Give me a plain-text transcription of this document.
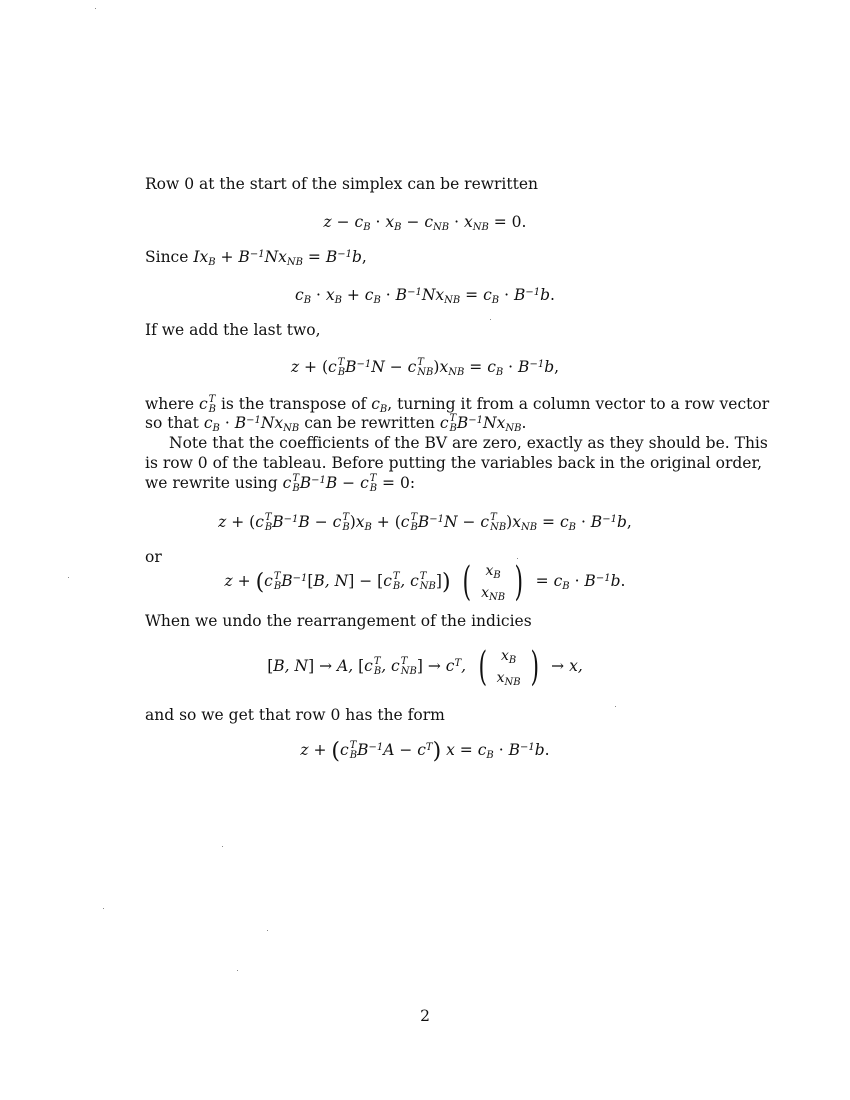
Row 0 at the start of the simplex can be rewritten
$z - c_B \cdot x_B - c_{NB} \cdot x_{NB} = 0$.
Since $Ix_B + B^{-1}Nx_{NB} = B^{-1}b$,
$c_B \cdot x_B + c_B \cdot B^{-1}Nx_{NB} = c_B \cdot B^{-1}b$.
If we add the last two,
z + (c T
B $B^{-1}N - c$ T
NB )$x_{NB} = c_B \cdot B^{-1}b$,
where c T
B is the transpose of $c_B$, turning it from a column vector to a row vector
so that $c_B \cdot B^{-1}Nx_{NB}$ can be rewritten c T
B $B^{-1}Nx_{NB}$.
Note that the coefficients of the BV are zero, exactly as they should be. This
is row 0 of the tableau. Before putting the variables back in the original order,
we rewrite using c T
B $B^{-1}B - c$ T
B = 0:
z + (c T
B $B^{-1}B - c$ T
B )$x_B + (c$ T
B $B^{-1}N - c$ T
NB )$x_{NB} = c_B \cdot B^{-1}b$,
or
z + (c T
B $B^{-1}[B$, N] − [c T
B , c T
NB ]) ( $x_B$
$x_{NB}$ ) = $c_B \cdot B^{-1}b$.
When we undo the rearrangement of the indicies
[B, N] → A, [c T
B , c T
NB ] → $c^T$, ( $x_B$
$x_{NB}$ ) → x,
and so we get that row 0 has the form
z + (c T
B $B^{-1}A - c^T$) $x = c_B \cdot B^{-1}b$.
2
